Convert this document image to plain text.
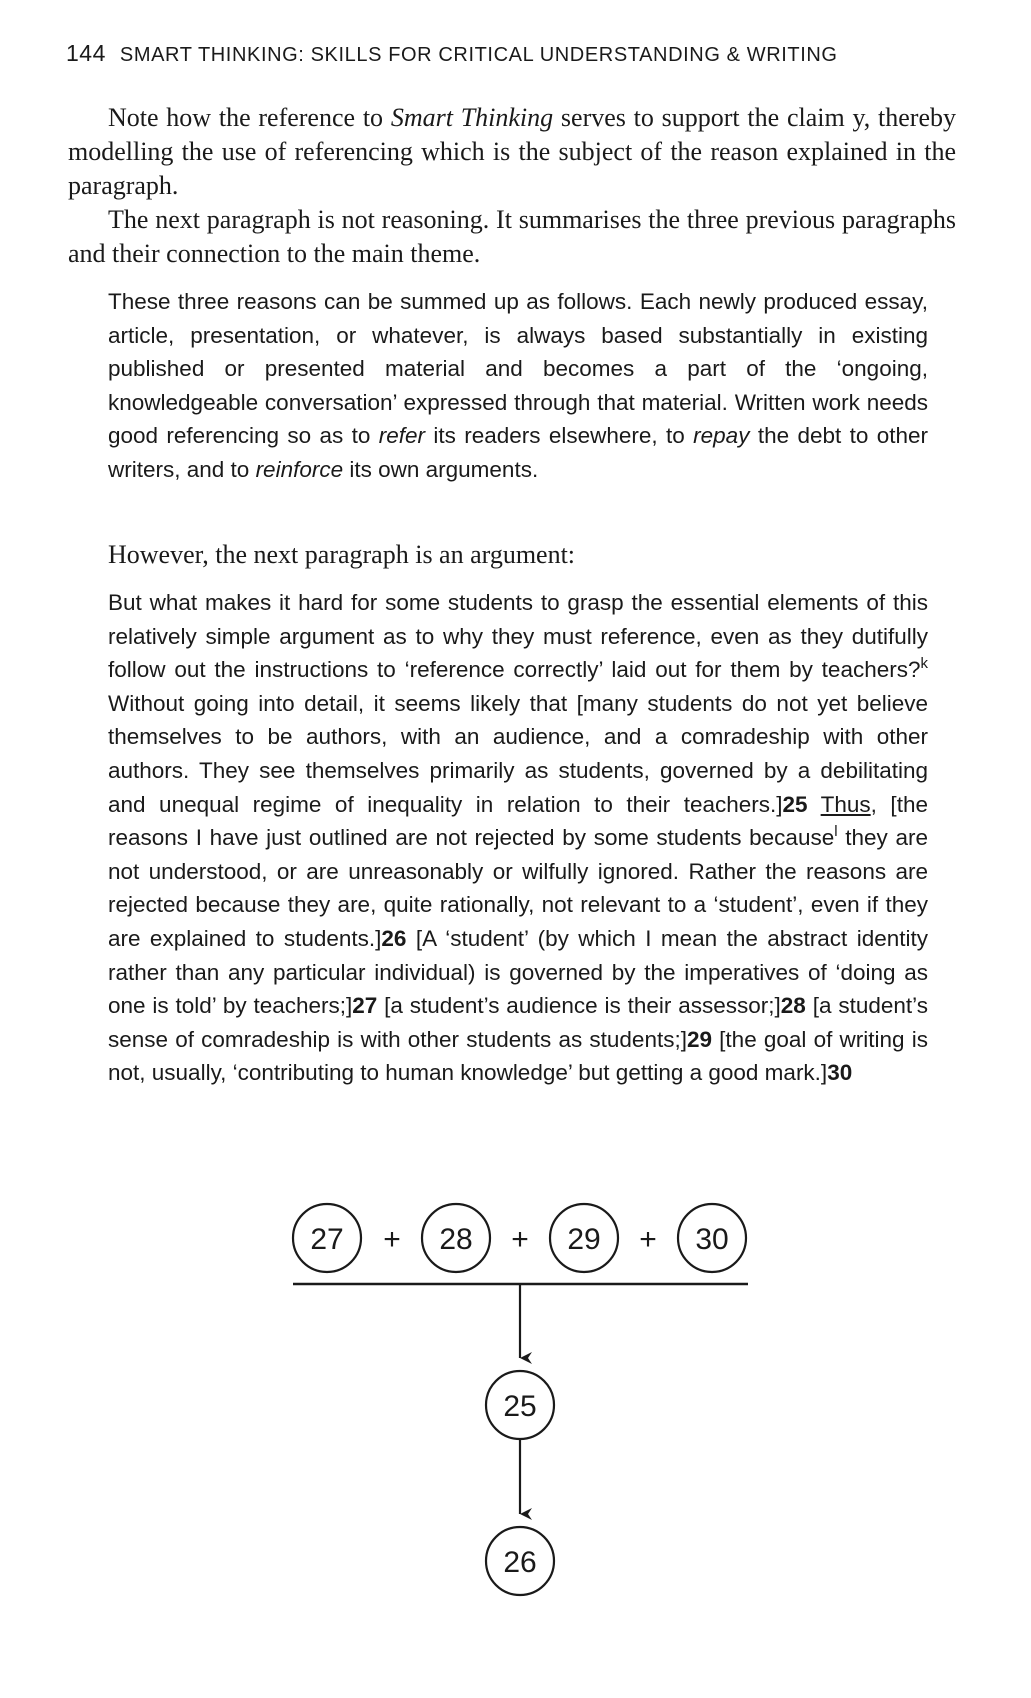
144 SMART THINKING: SKILLS FOR CRITICAL UNDERSTANDING & WRITING

Note how the reference to Smart Thinking serves to support the claim y, thereby modelling the use of referencing which is the subject of the reason explained in the paragraph.

The next paragraph is not reasoning. It summarises the three previous paragraphs and their connection to the main theme.

These three reasons can be summed up as follows. Each newly produced essay, article, presentation, or whatever, is always based substantially in existing published or presented material and becomes a part of the ‘ongoing, knowledgeable conversation’ expressed through that material. Written work needs good referencing so as to refer its readers elsewhere, to repay the debt to other writers, and to reinforce its own arguments.

However, the next paragraph is an argument:

But what makes it hard for some students to grasp the essential elements of this relatively simple argument as to why they must reference, even as they dutifully follow out the instructions to ‘reference correctly’ laid out for them by teachers?$^k$ Without going into detail, it seems likely that [many students do not yet believe themselves to be authors, with an audience, and a comradeship with other authors. They see themselves primarily as students, governed by a debilitating and unequal regime of inequality in relation to their teachers.]25 Thus, [the reasons I have just outlined are not rejected by some students because$^l$ they are not understood, or are unreasonably or wilfully ignored. Rather the reasons are rejected because they are, quite rationally, not relevant to a ‘student’, even if they are explained to students.]26 [A ‘student’ (by which I mean the abstract identity rather than any particular individual) is governed by the imperatives of ‘doing as one is told’ by teachers;]27 [a student’s audience is their assessor;]28 [a student’s sense of comradeship is with other students as students;]29 [the goal of writing is not, usually, ‘contributing to human knowledge’ but getting a good mark.]30

27 + 28 + 29 + 30
25
26
